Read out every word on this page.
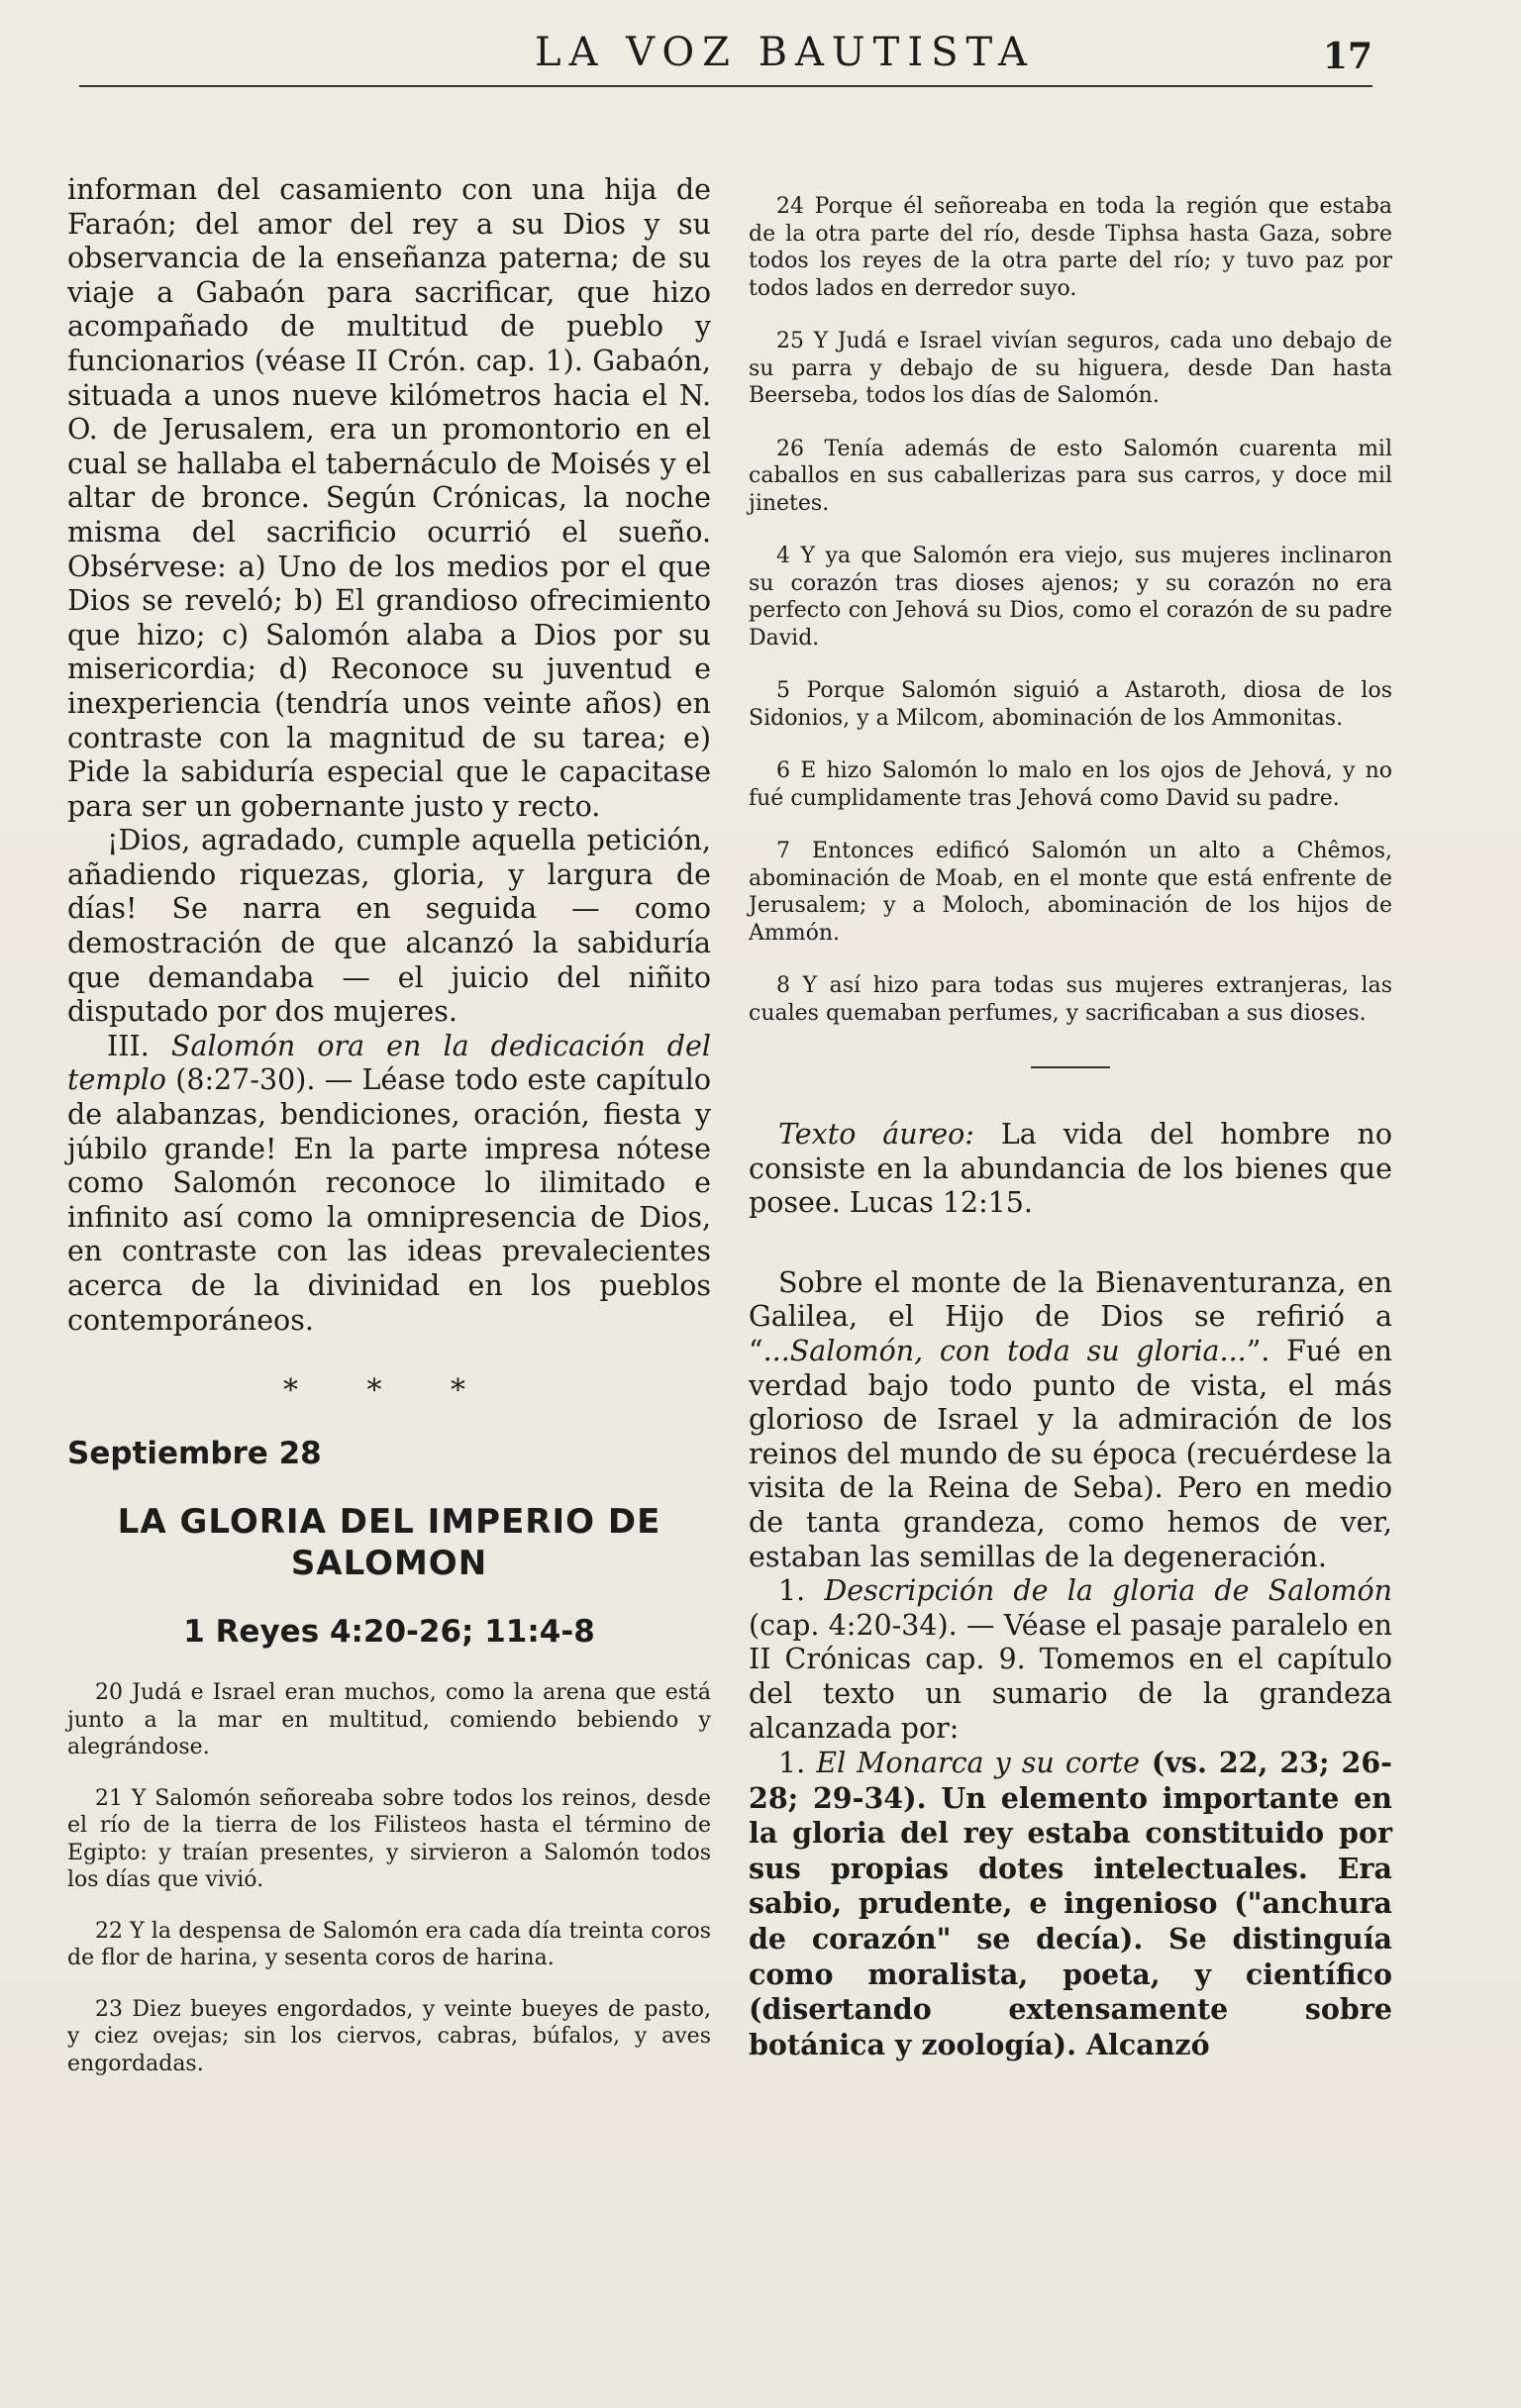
LA VOZ BAUTISTA	17

informan del casamiento con una hija de Faraón; del amor del rey a su Dios y su observancia de la enseñanza paterna; de su viaje a Gabaón para sacrificar, que hizo acompañado de multitud de pueblo y funcionarios (véase II Crón. cap. 1). Gabaón, situada a unos nueve kilómetros hacia el N. O. de Jerusalem, era un promontorio en el cual se hallaba el tabernáculo de Moisés y el altar de bronce. Según Crónicas, la noche misma del sacrificio ocurrió el sueño. Obsérvese: a) Uno de los medios por el que Dios se reveló; b) El grandioso ofrecimiento que hizo; c) Salomón alaba a Dios por su misericordia; d) Reconoce su juventud e inexperiencia (tendría unos veinte años) en contraste con la magnitud de su tarea; e) Pide la sabiduría especial que le capacitase para ser un gobernante justo y recto.

¡Dios, agradado, cumple aquella petición, añadiendo riquezas, gloria, y largura de días! Se narra en seguida — como demostración de que alcanzó la sabiduría que demandaba — el juicio del niñito disputado por dos mujeres.

III. Salomón ora en la dedicación del templo (8:27-30). — Léase todo este capítulo de alabanzas, bendiciones, oración, fiesta y júbilo grande! En la parte impresa nótese como Salomón reconoce lo ilimitado e infinito así como la omnipresencia de Dios, en contraste con las ideas prevalecientes acerca de la divinidad en los pueblos contemporáneos.

* * *
Septiembre 28
LA GLORIA DEL IMPERIO DE SALOMON
1 Reyes 4:20-26; 11:4-8

20 Judá e Israel eran muchos, como la arena que está junto a la mar en multitud, comiendo bebiendo y alegrándose.

21 Y Salomón señoreaba sobre todos los reinos, desde el río de la tierra de los Filisteos hasta el término de Egipto: y traían presentes, y sirvieron a Salomón todos los días que vivió.

22 Y la despensa de Salomón era cada día treinta coros de flor de harina, y sesenta coros de harina.

23 Diez bueyes engordados, y veinte bueyes de pasto, y ciez ovejas; sin los ciervos, cabras, búfalos, y aves engordadas.

24 Porque él señoreaba en toda la región que estaba de la otra parte del río, desde Tiphsa hasta Gaza, sobre todos los reyes de la otra parte del río; y tuvo paz por todos lados en derredor suyo.

25 Y Judá e Israel vivían seguros, cada uno debajo de su parra y debajo de su higuera, desde Dan hasta Beerseba, todos los días de Salomón.

26 Tenía además de esto Salomón cuarenta mil caballos en sus caballerizas para sus carros, y doce mil jinetes.

4 Y ya que Salomón era viejo, sus mujeres inclinaron su corazón tras dioses ajenos; y su corazón no era perfecto con Jehová su Dios, como el corazón de su padre David.

5 Porque Salomón siguió a Astaroth, diosa de los Sidonios, y a Milcom, abominación de los Ammonitas.

6 E hizo Salomón lo malo en los ojos de Jehová, y no fué cumplidamente tras Jehová como David su padre.

7 Entonces edificó Salomón un alto a Chêmos, abominación de Moab, en el monte que está enfrente de Jerusalem; y a Moloch, abominación de los hijos de Ammón.

8 Y así hizo para todas sus mujeres extranjeras, las cuales quemaban perfumes, y sacrificaban a sus dioses.

Texto áureo: La vida del hombre no consiste en la abundancia de los bienes que posee. Lucas 12:15.

Sobre el monte de la Bienaventuranza, en Galilea, el Hijo de Dios se refirió a “...Salomón, con toda su gloria...”. Fué en verdad bajo todo punto de vista, el más glorioso de Israel y la admiración de los reinos del mundo de su época (recuérdese la visita de la Reina de Seba). Pero en medio de tanta grandeza, como hemos de ver, estaban las semillas de la degeneración.

1. Descripción de la gloria de Salomón (cap. 4:20-34). — Véase el pasaje paralelo en II Crónicas cap. 9. Tomemos en el capítulo del texto un sumario de la grandeza alcanzada por:

1. El Monarca y su corte (vs. 22, 23; 26-28; 29-34). Un elemento importante en la gloria del rey estaba constituido por sus propias dotes intelectuales. Era sabio, prudente, e ingenioso ("anchura de corazón" se decía). Se distinguía como moralista, poeta, y científico (disertando extensamente sobre botánica y zoología). Alcanzó
